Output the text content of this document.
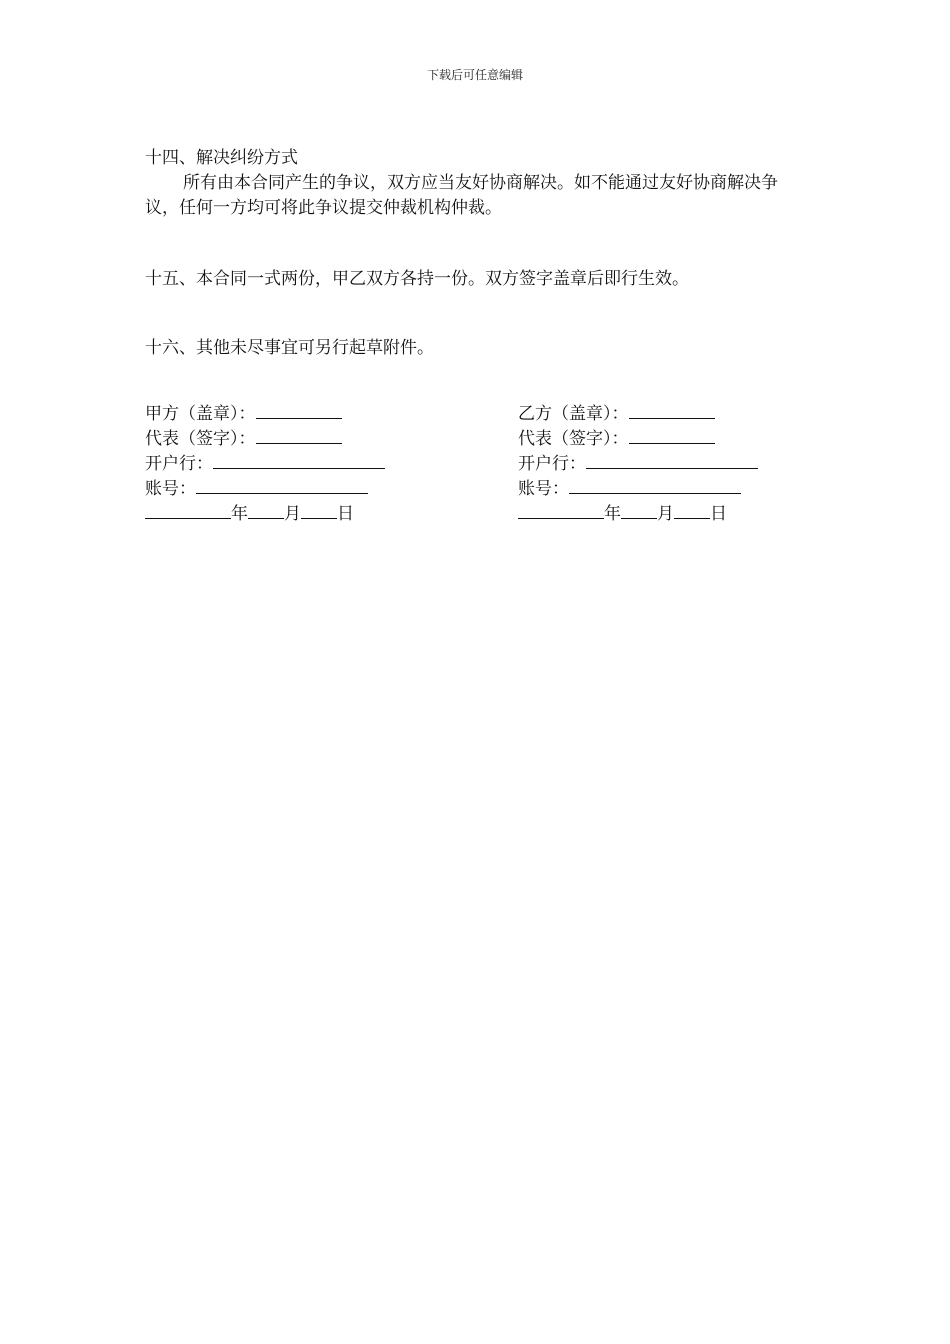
下载后可任意编辑

十四、解决纠纷方式

所有由本合同产生的争议，双方应当友好协商解决。如不能通过友好协商解决争议，任何一方均可将此争议提交仲裁机构仲裁。

十五、本合同一式两份，甲乙双方各持一份。双方签字盖章后即行生效。

十六、其他未尽事宜可另行起草附件。

甲方（盖章）：
代表（签字）：
开户行：
账号：
年 月 日
乙方（盖章）：
代表（签字）：
开户行：
账号：
年 月 日
